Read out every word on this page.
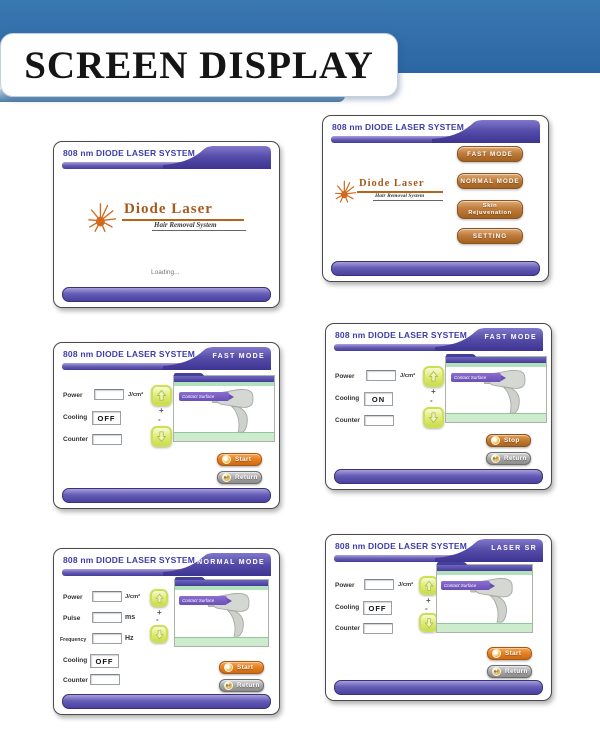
SCREEN DISPLAY
808 nm DIODE LASER SYSTEM
Diode Laser
Hair Removal System
Loading...
808 nm DIODE LASER SYSTEM
Diode Laser
Hair Removal System
FAST MODE
NORMAL MODE
Skin
Rejuvenation
SETTING
808 nm DIODE LASER SYSTEM FAST MODE
Power	J/cm²
Cooling	OFF
Counter
+
-
Contact Surface
Start
↩ Return
808 nm DIODE LASER SYSTEM FAST MODE
Power	J/cm²
Cooling	ON
Counter
+
-
Contact Surface
Stop
↩ Return
808 nm DIODE LASER SYSTEM NORMAL MODE
Power	J/cm²
Pulse	ms
Frequency	Hz
Cooling	OFF
Counter
+
-
Contact Surface
Start
↩ Return
808 nm DIODE LASER SYSTEM	LASER SR
Power	J/cm²
Cooling	OFF
Counter
+
-
Contact Surface
Start
↩ Return
